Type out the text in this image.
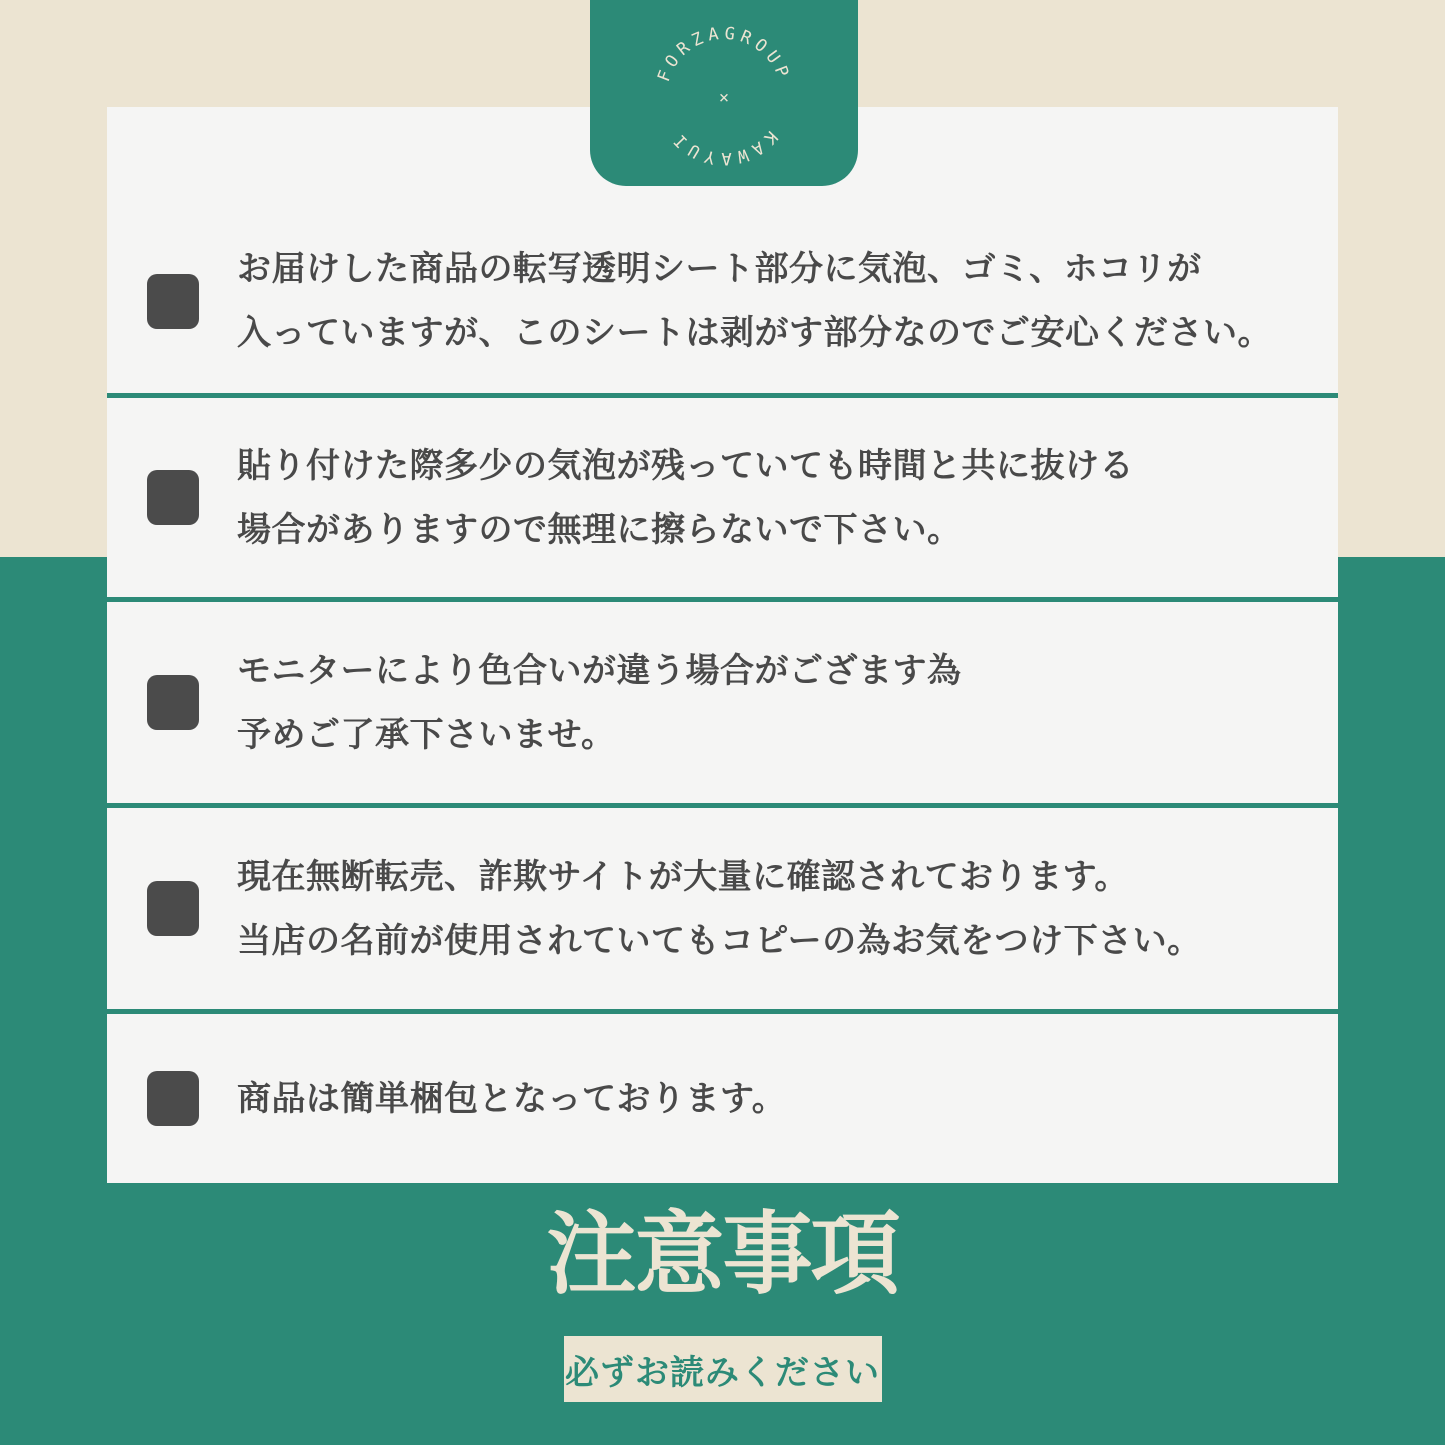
お届けした商品の転写透明シート部分に気泡、ゴミ、ホコリが

入っていますが、このシートは剥がす部分なのでご安心ください。

貼り付けた際多少の気泡が残っていても時間と共に抜ける

場合がありますので無理に擦らないで下さい。

モニターにより色合いが違う場合がござます為

予めご了承下さいませ。

現在無断転売、詐欺サイトが大量に確認されております。

当店の名前が使用されていてもコピーの為お気をつけ下さい。

商品は簡単梱包となっております。

FORZAGROUP
KAWAYUI
×
注意事項
必ずお読みください
